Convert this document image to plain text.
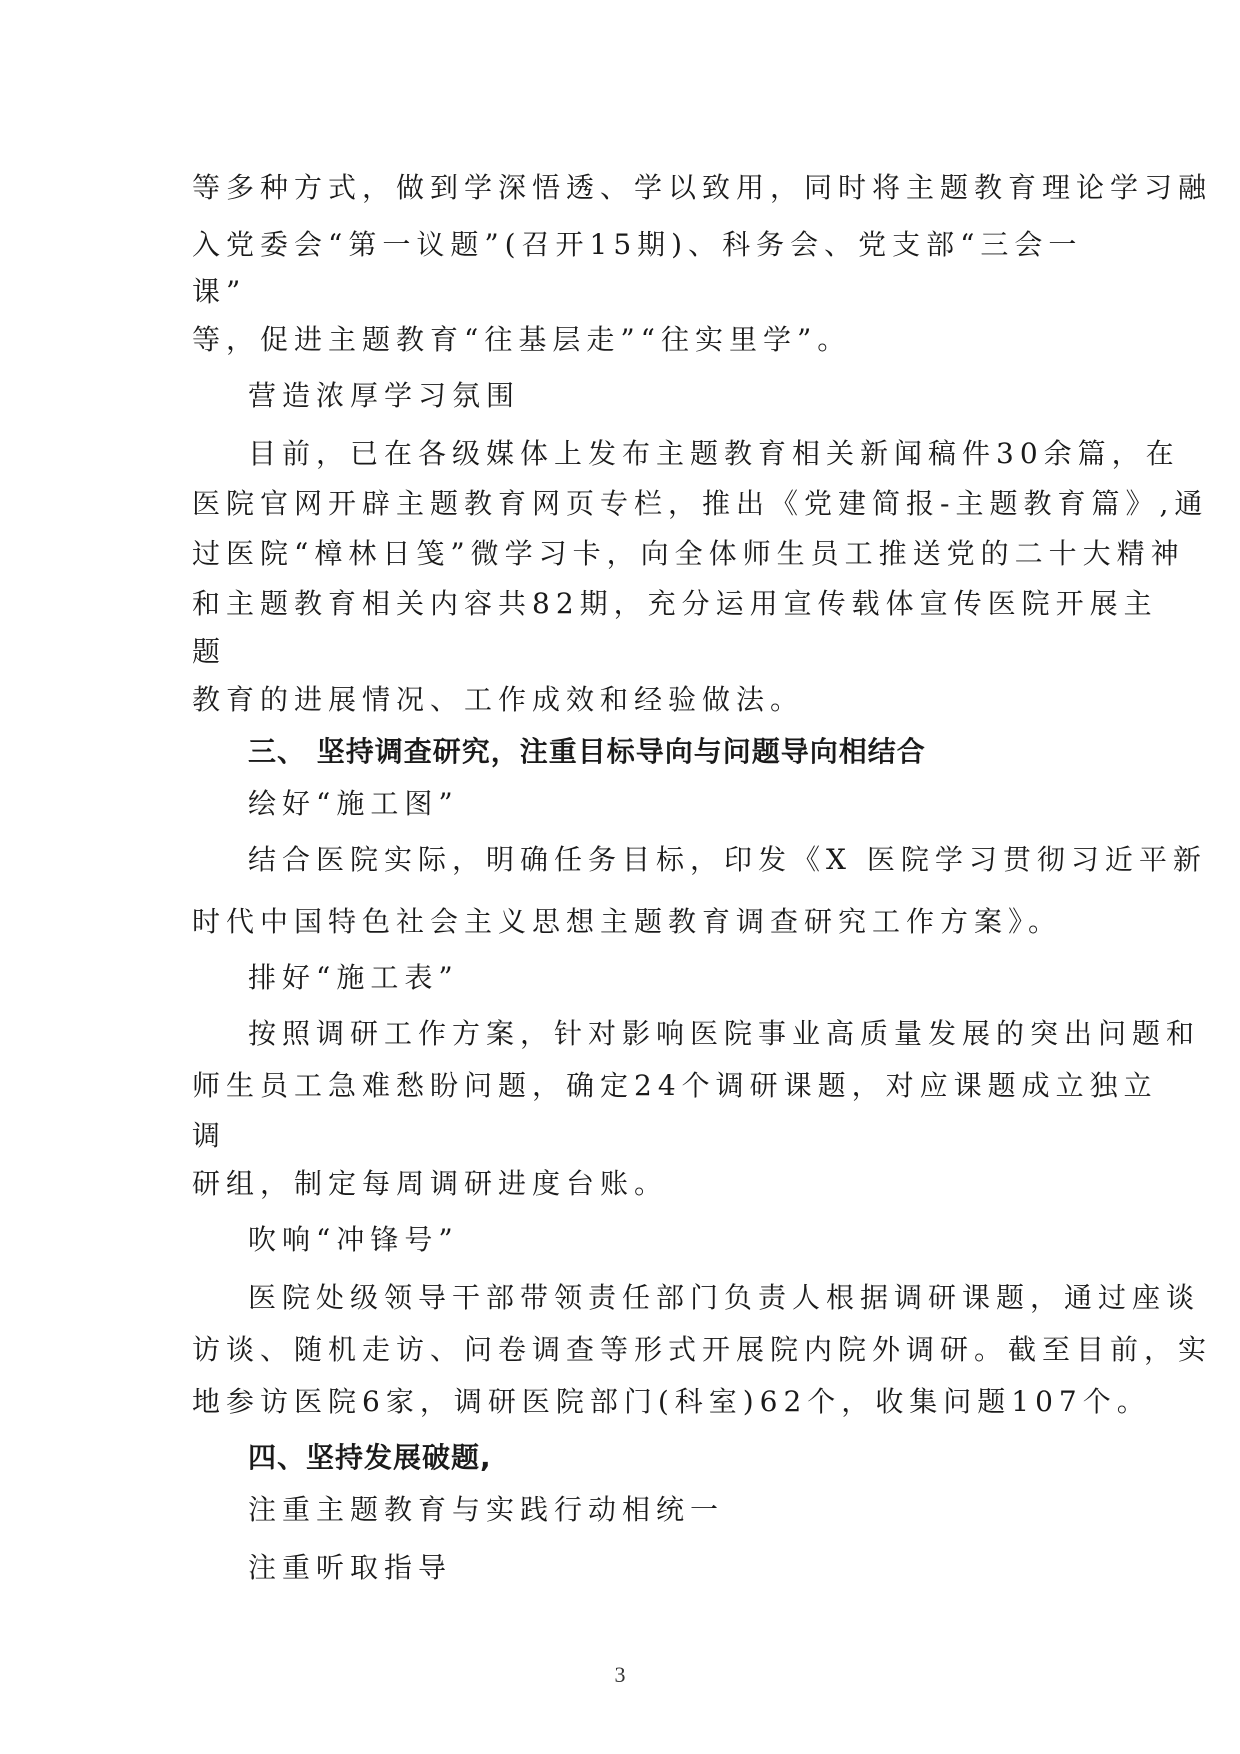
等多种方式，做到学深悟透、学以致用，同时将主题教育理论学习融
入党委会“第一议题”(召开15期)、科务会、党支部“三会一
课”
等，促进主题教育“往基层走”“往实里学”。
营造浓厚学习氛围
目前，已在各级媒体上发布主题教育相关新闻稿件30余篇，在
医院官网开辟主题教育网页专栏，推出《党建简报-主题教育篇》,通
过医院“樟林日笺”微学习卡，向全体师生员工推送党的二十大精神
和主题教育相关内容共82期，充分运用宣传载体宣传医院开展主
题
教育的进展情况、工作成效和经验做法。
三、 坚持调查研究，注重目标导向与问题导向相结合
绘好“施工图”
结合医院实际，明确任务目标，印发《X 医院学习贯彻习近平新
时代中国特色社会主义思想主题教育调查研究工作方案》。
排好“施工表”
按照调研工作方案，针对影响医院事业高质量发展的突出问题和
师生员工急难愁盼问题，确定24个调研课题，对应课题成立独立
调
研组，制定每周调研进度台账。
吹响“冲锋号”
医院处级领导干部带领责任部门负责人根据调研课题，通过座谈
访谈、随机走访、问卷调查等形式开展院内院外调研。截至目前，实
地参访医院6家，调研医院部门(科室)62个，收集问题107个。
四、坚持发展破题,
注重主题教育与实践行动相统一
注重听取指导
3
